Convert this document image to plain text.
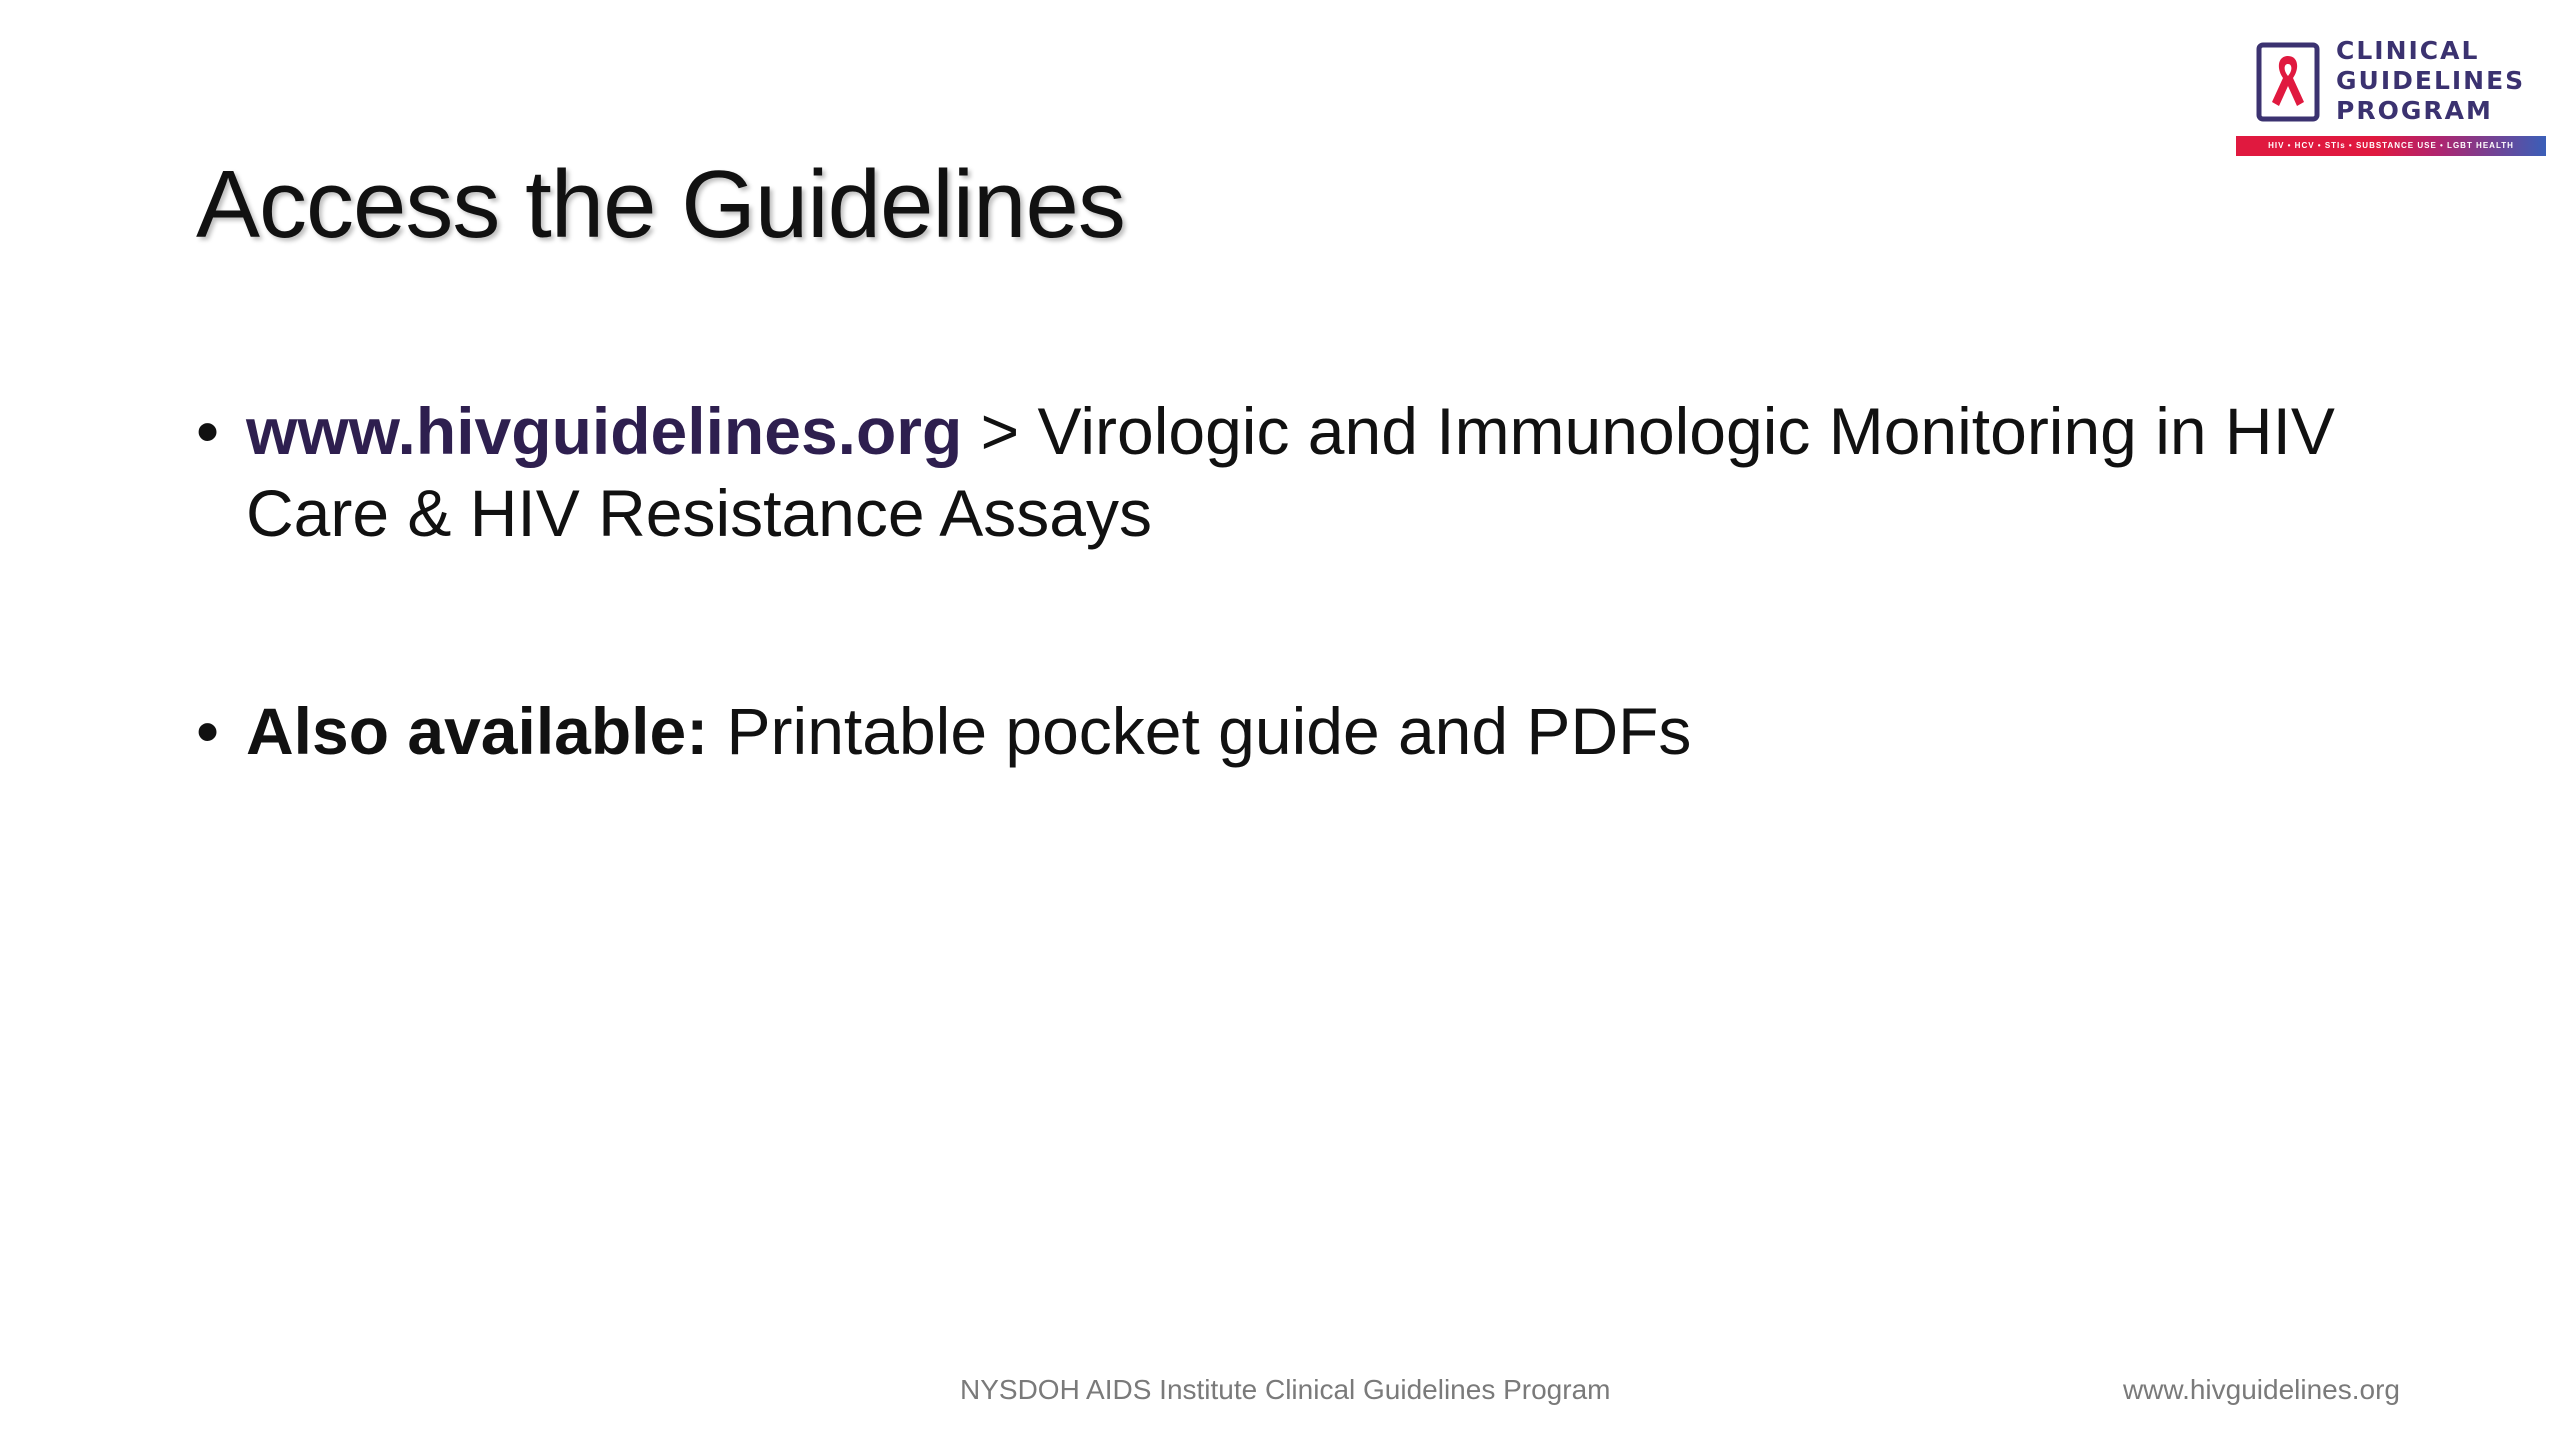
CLINICAL
GUIDELINES
PROGRAM
HIV • HCV • STIs • SUBSTANCE USE • LGBT HEALTH
Access the Guidelines
• www.hivguidelines.org > Virologic and Immunologic Monitoring in HIV Care & HIV Resistance Assays
• Also available: Printable pocket guide and PDFs
NYSDOH AIDS Institute Clinical Guidelines Program	www.hivguidelines.org
